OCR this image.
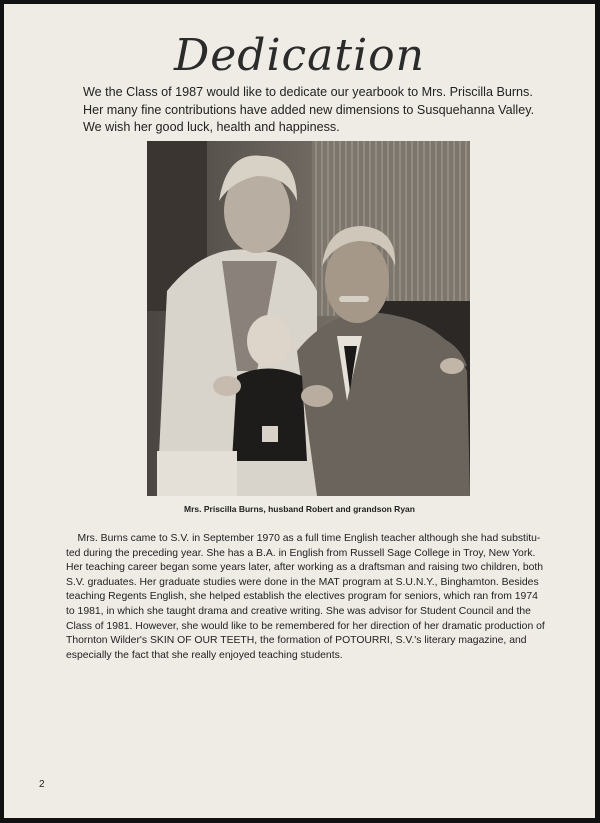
Dedication
We the Class of 1987 would like to dedicate our yearbook to Mrs. Priscilla Burns.
Her many fine contributions have added new dimensions to Susquehanna Valley.
We wish her good luck, health and happiness.
Mrs. Priscilla Burns, husband Robert and grandson Ryan
Mrs. Burns came to S.V. in September 1970 as a full time English teacher although she had substitu-
ted during the preceding year. She has a B.A. in English from Russell Sage College in Troy, New York.
Her teaching career began some years later, after working as a draftsman and raising two children, both
S.V. graduates. Her graduate studies were done in the MAT program at S.U.N.Y., Binghamton. Besides
teaching Regents English, she helped establish the electives program for seniors, which ran from 1974
to 1981, in which she taught drama and creative writing. She was advisor for Student Council and the
Class of 1981. However, she would like to be remembered for her direction of her dramatic production of
Thornton Wilder's SKIN OF OUR TEETH, the formation of POTOURRI, S.V.'s literary magazine, and
especially the fact that she really enjoyed teaching students.
2
